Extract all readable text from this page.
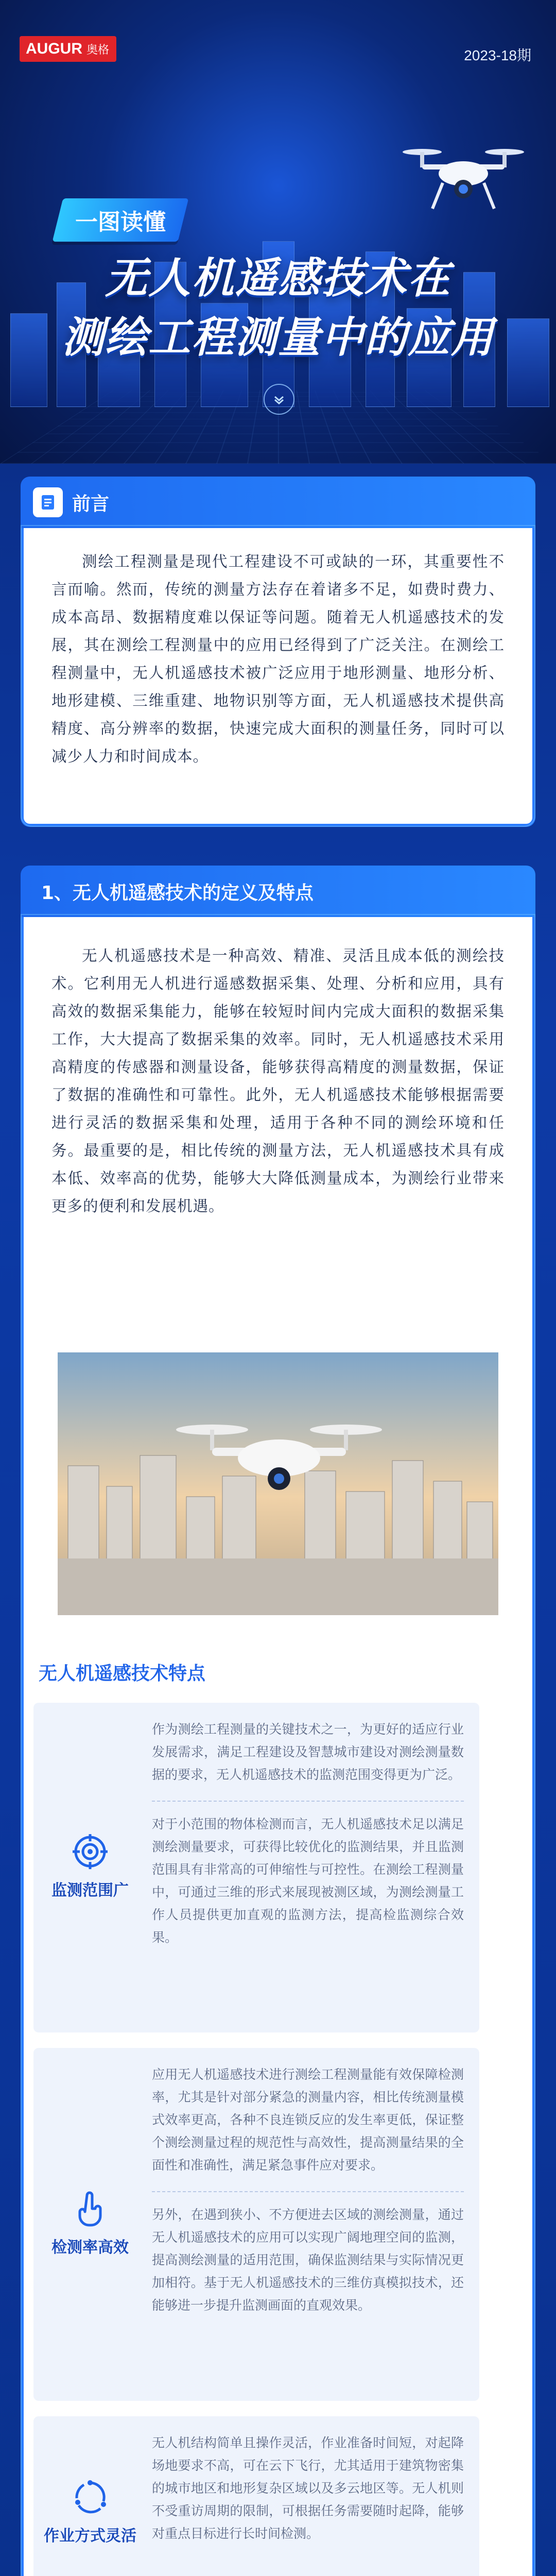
AUGUR 奥格	2023-18期
一图读懂
无人机遥感技术在
测绘工程测量中的应用
前言

测绘工程测量是现代工程建设不可或缺的一环，其重要性不言而喻。然而，传统的测量方法存在着诸多不足，如费时费力、成本高昂、数据精度难以保证等问题。随着无人机遥感技术的发展，其在测绘工程测量中的应用已经得到了广泛关注。在测绘工程测量中，无人机遥感技术被广泛应用于地形测量、地形分析、地形建模、三维重建、地物识别等方面，无人机遥感技术提供高精度、高分辨率的数据，快速完成大面积的测量任务，同时可以减少人力和时间成本。

1、无人机遥感技术的定义及特点

无人机遥感技术是一种高效、精准、灵活且成本低的测绘技术。它利用无人机进行遥感数据采集、处理、分析和应用，具有高效的数据采集能力，能够在较短时间内完成大面积的数据采集工作，大大提高了数据采集的效率。同时，无人机遥感技术采用高精度的传感器和测量设备，能够获得高精度的测量数据，保证了数据的准确性和可靠性。此外，无人机遥感技术能够根据需要进行灵活的数据采集和处理，适用于各种不同的测绘环境和任务。最重要的是，相比传统的测量方法，无人机遥感技术具有成本低、效率高的优势，能够大大降低测量成本，为测绘行业带来更多的便利和发展机遇。

无人机遥感技术特点
监测范围广

作为测绘工程测量的关键技术之一，为更好的适应行业发展需求，满足工程建设及智慧城市建设对测绘测量数据的要求，无人机遥感技术的监测范围变得更为广泛。

对于小范围的物体检测而言，无人机遥感技术足以满足测绘测量要求，可获得比较优化的监测结果，并且监测范围具有非常高的可伸缩性与可控性。在测绘工程测量中，可通过三维的形式来展现被测区域，为测绘测量工作人员提供更加直观的监测方法，提高检监测综合效果。

检测率高效

应用无人机遥感技术进行测绘工程测量能有效保障检测率，尤其是针对部分紧急的测量内容，相比传统测量模式效率更高，各种不良连锁反应的发生率更低，保证整个测绘测量过程的规范性与高效性，提高测量结果的全面性和准确性，满足紧急事件应对要求。

另外，在遇到狭小、不方便进去区域的测绘测量，通过无人机遥感技术的应用可以实现广阔地理空间的监测，提高测绘测量的适用范围，确保监测结果与实际情况更加相符。基于无人机遥感技术的三维仿真模拟技术，还能够进一步提升监测画面的直观效果。

作业方式灵活

无人机结构简单且操作灵活，作业准备时间短，对起降场地要求不高，可在云下飞行，尤其适用于建筑物密集的城市地区和地形复杂区域以及多云地区等。无人机则不受重访周期的限制，可根据任务需要随时起降，能够对重点目标进行长时间检测。
